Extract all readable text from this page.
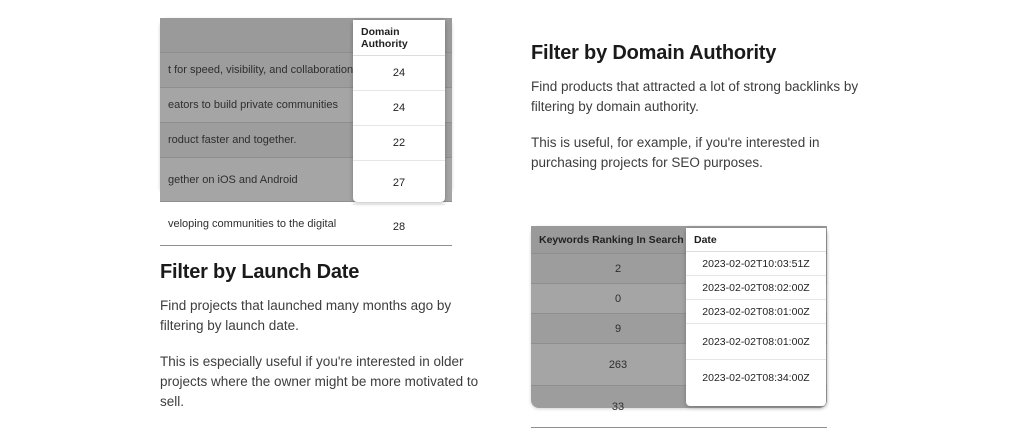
t for speed, visibility, and collaboration
eators to build private communities
roduct faster and together.
gether on iOS and Android
veloping communities to the digital
Domain Authority
24
24
22
27
28
Filter by Domain Authority

Find products that attracted a lot of strong backlinks by filtering by domain authority.

This is useful, for example, if you're interested in purchasing projects for SEO purposes.

Filter by Launch Date

Find projects that launched many months ago by filtering by launch date.

This is especially useful if you're interested in older projects where the owner might be more motivated to sell.

Keywords Ranking In Search
2
0
9
263
33
Date
2023-02-02T10:03:51Z
2023-02-02T08:02:00Z
2023-02-02T08:01:00Z
2023-02-02T08:01:00Z
2023-02-02T08:34:00Z
